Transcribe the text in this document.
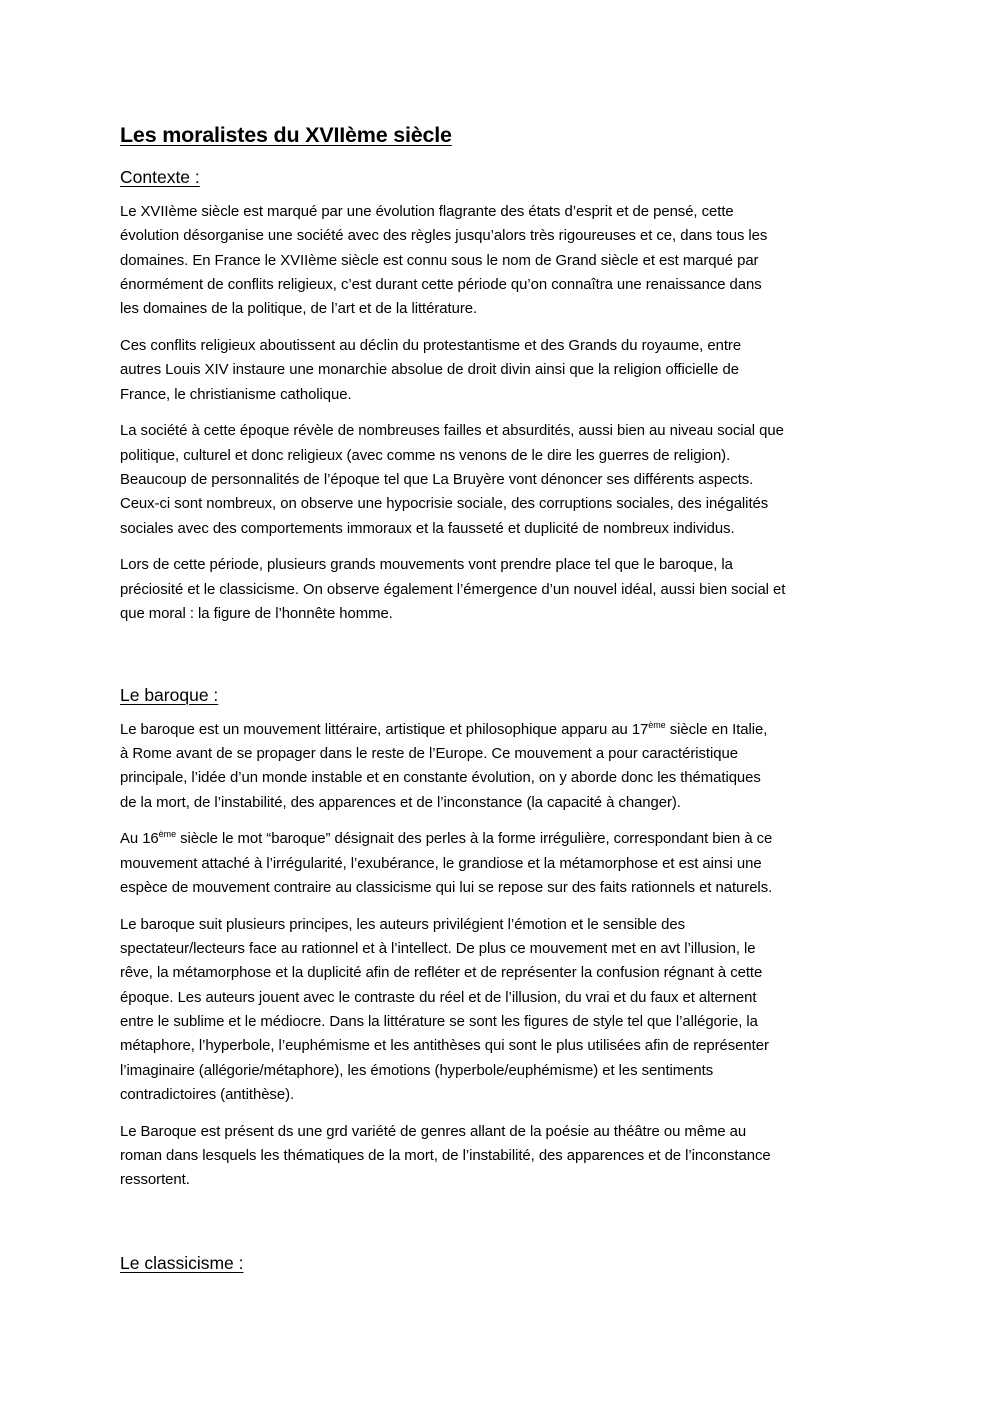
Les moralistes du XVIIème siècle
Contexte :

Le XVIIème siècle est marqué par une évolution flagrante des états d’esprit et de pensé, cette
évolution désorganise une société avec des règles jusqu’alors très rigoureuses et ce, dans tous les
domaines. En France le XVIIème siècle est connu sous le nom de Grand siècle et est marqué par
énormément de conflits religieux, c’est durant cette période qu’on connaîtra une renaissance dans
les domaines de la politique, de l’art et de la littérature.

Ces conflits religieux aboutissent au déclin du protestantisme et des Grands du royaume, entre
autres Louis XIV instaure une monarchie absolue de droit divin ainsi que la religion officielle de
France, le christianisme catholique.

La société à cette époque révèle de nombreuses failles et absurdités, aussi bien au niveau social que
politique, culturel et donc religieux (avec comme ns venons de le dire les guerres de religion).
Beaucoup de personnalités de l’époque tel que La Bruyère vont dénoncer ses différents aspects.
Ceux-ci sont nombreux, on observe une hypocrisie sociale, des corruptions sociales, des inégalités
sociales avec des comportements immoraux et la fausseté et duplicité de nombreux individus.

Lors de cette période, plusieurs grands mouvements vont prendre place tel que le baroque, la
préciosité et le classicisme. On observe également l’émergence d’un nouvel idéal, aussi bien social et
que moral : la figure de l’honnête homme.

Le baroque :

Le baroque est un mouvement littéraire, artistique et philosophique apparu au 17ème siècle en Italie,
à Rome avant de se propager dans le reste de l’Europe. Ce mouvement a pour caractéristique
principale, l’idée d’un monde instable et en constante évolution, on y aborde donc les thématiques
de la mort, de l’instabilité, des apparences et de l’inconstance (la capacité à changer).

Au 16ème siècle le mot “baroque” désignait des perles à la forme irrégulière, correspondant bien à ce
mouvement attaché à l’irrégularité, l’exubérance, le grandiose et la métamorphose et est ainsi une
espèce de mouvement contraire au classicisme qui lui se repose sur des faits rationnels et naturels.

Le baroque suit plusieurs principes, les auteurs privilégient l’émotion et le sensible des
spectateur/lecteurs face au rationnel et à l’intellect. De plus ce mouvement met en avt l’illusion, le
rêve, la métamorphose et la duplicité afin de refléter et de représenter la confusion régnant à cette
époque. Les auteurs jouent avec le contraste du réel et de l’illusion, du vrai et du faux et alternent
entre le sublime et le médiocre. Dans la littérature se sont les figures de style tel que l’allégorie, la
métaphore, l’hyperbole, l’euphémisme et les antithèses qui sont le plus utilisées afin de représenter
l’imaginaire (allégorie/métaphore), les émotions (hyperbole/euphémisme) et les sentiments
contradictoires (antithèse).

Le Baroque est présent ds une grd variété de genres allant de la poésie au théâtre ou même au
roman dans lesquels les thématiques de la mort, de l’instabilité, des apparences et de l’inconstance
ressortent.

Le classicisme :
